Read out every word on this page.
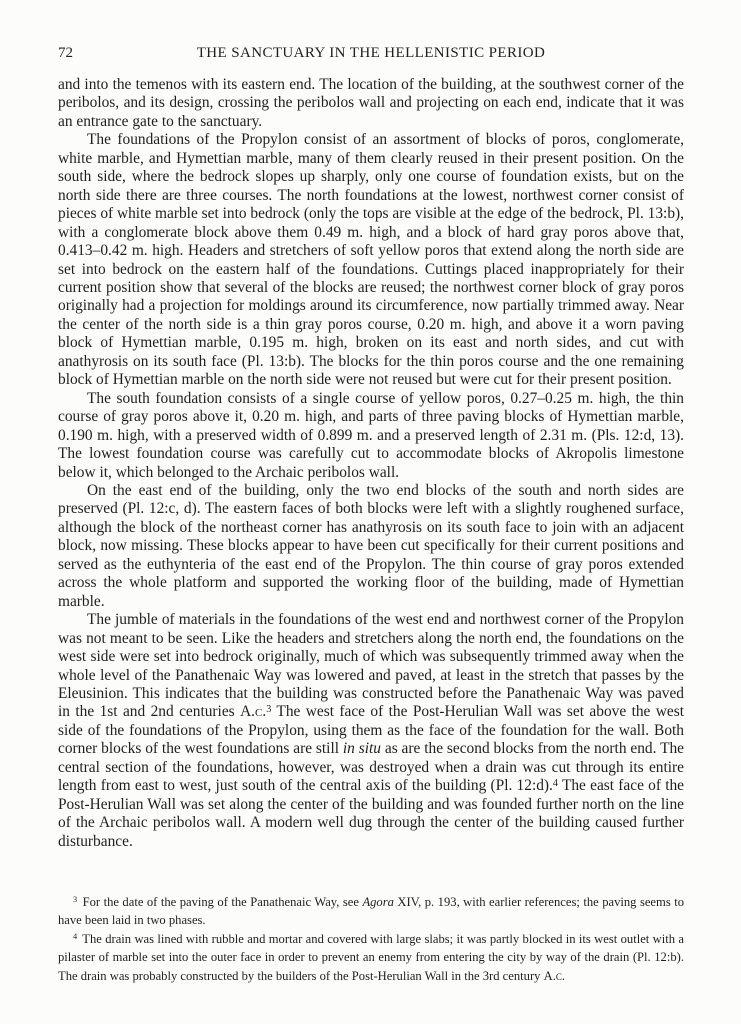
72	THE SANCTUARY IN THE HELLENISTIC PERIOD

and into the temenos with its eastern end. The location of the building, at the southwest corner of the peribolos, and its design, crossing the peribolos wall and projecting on each end, indicate that it was an entrance gate to the sanctuary.

The foundations of the Propylon consist of an assortment of blocks of poros, conglomerate, white marble, and Hymettian marble, many of them clearly reused in their present position. On the south side, where the bedrock slopes up sharply, only one course of foundation exists, but on the north side there are three courses. The north foundations at the lowest, northwest corner consist of pieces of white marble set into bedrock (only the tops are visible at the edge of the bedrock, Pl. 13:b), with a conglomerate block above them 0.49 m. high, and a block of hard gray poros above that, 0.413–0.42 m. high. Headers and stretchers of soft yellow poros that extend along the north side are set into bedrock on the eastern half of the foundations. Cuttings placed inappropriately for their current position show that several of the blocks are reused; the northwest corner block of gray poros originally had a projection for moldings around its circumference, now partially trimmed away. Near the center of the north side is a thin gray poros course, 0.20 m. high, and above it a worn paving block of Hymettian marble, 0.195 m. high, broken on its east and north sides, and cut with anathyrosis on its south face (Pl. 13:b). The blocks for the thin poros course and the one remaining block of Hymettian marble on the north side were not reused but were cut for their present position.

The south foundation consists of a single course of yellow poros, 0.27–0.25 m. high, the thin course of gray poros above it, 0.20 m. high, and parts of three paving blocks of Hymettian marble, 0.190 m. high, with a preserved width of 0.899 m. and a preserved length of 2.31 m. (Pls. 12:d, 13). The lowest foundation course was carefully cut to accommodate blocks of Akropolis limestone below it, which belonged to the Archaic peribolos wall.

On the east end of the building, only the two end blocks of the south and north sides are preserved (Pl. 12:c, d). The eastern faces of both blocks were left with a slightly roughened surface, although the block of the northeast corner has anathyrosis on its south face to join with an adjacent block, now missing. These blocks appear to have been cut specifically for their current positions and served as the euthynteria of the east end of the Propylon. The thin course of gray poros extended across the whole platform and supported the working floor of the building, made of Hymettian marble.

The jumble of materials in the foundations of the west end and northwest corner of the Propylon was not meant to be seen. Like the headers and stretchers along the north end, the foundations on the west side were set into bedrock originally, much of which was subsequently trimmed away when the whole level of the Panathenaic Way was lowered and paved, at least in the stretch that passes by the Eleusinion. This indicates that the building was constructed before the Panathenaic Way was paved in the 1st and 2nd centuries A.c.$^3$ The west face of the Post-Herulian Wall was set above the west side of the foundations of the Propylon, using them as the face of the foundation for the wall. Both corner blocks of the west foundations are still in situ as are the second blocks from the north end. The central section of the foundations, however, was destroyed when a drain was cut through its entire length from east to west, just south of the central axis of the building (Pl. 12:d).$^4$ The east face of the Post-Herulian Wall was set along the center of the building and was founded further north on the line of the Archaic peribolos wall. A modern well dug through the center of the building caused further disturbance.

$^3$ For the date of the paving of the Panathenaic Way, see Agora XIV, p. 193, with earlier references; the paving seems to have been laid in two phases.

$^4$ The drain was lined with rubble and mortar and covered with large slabs; it was partly blocked in its west outlet with a pilaster of marble set into the outer face in order to prevent an enemy from entering the city by way of the drain (Pl. 12:b). The drain was probably constructed by the builders of the Post-Herulian Wall in the 3rd century A.c.
